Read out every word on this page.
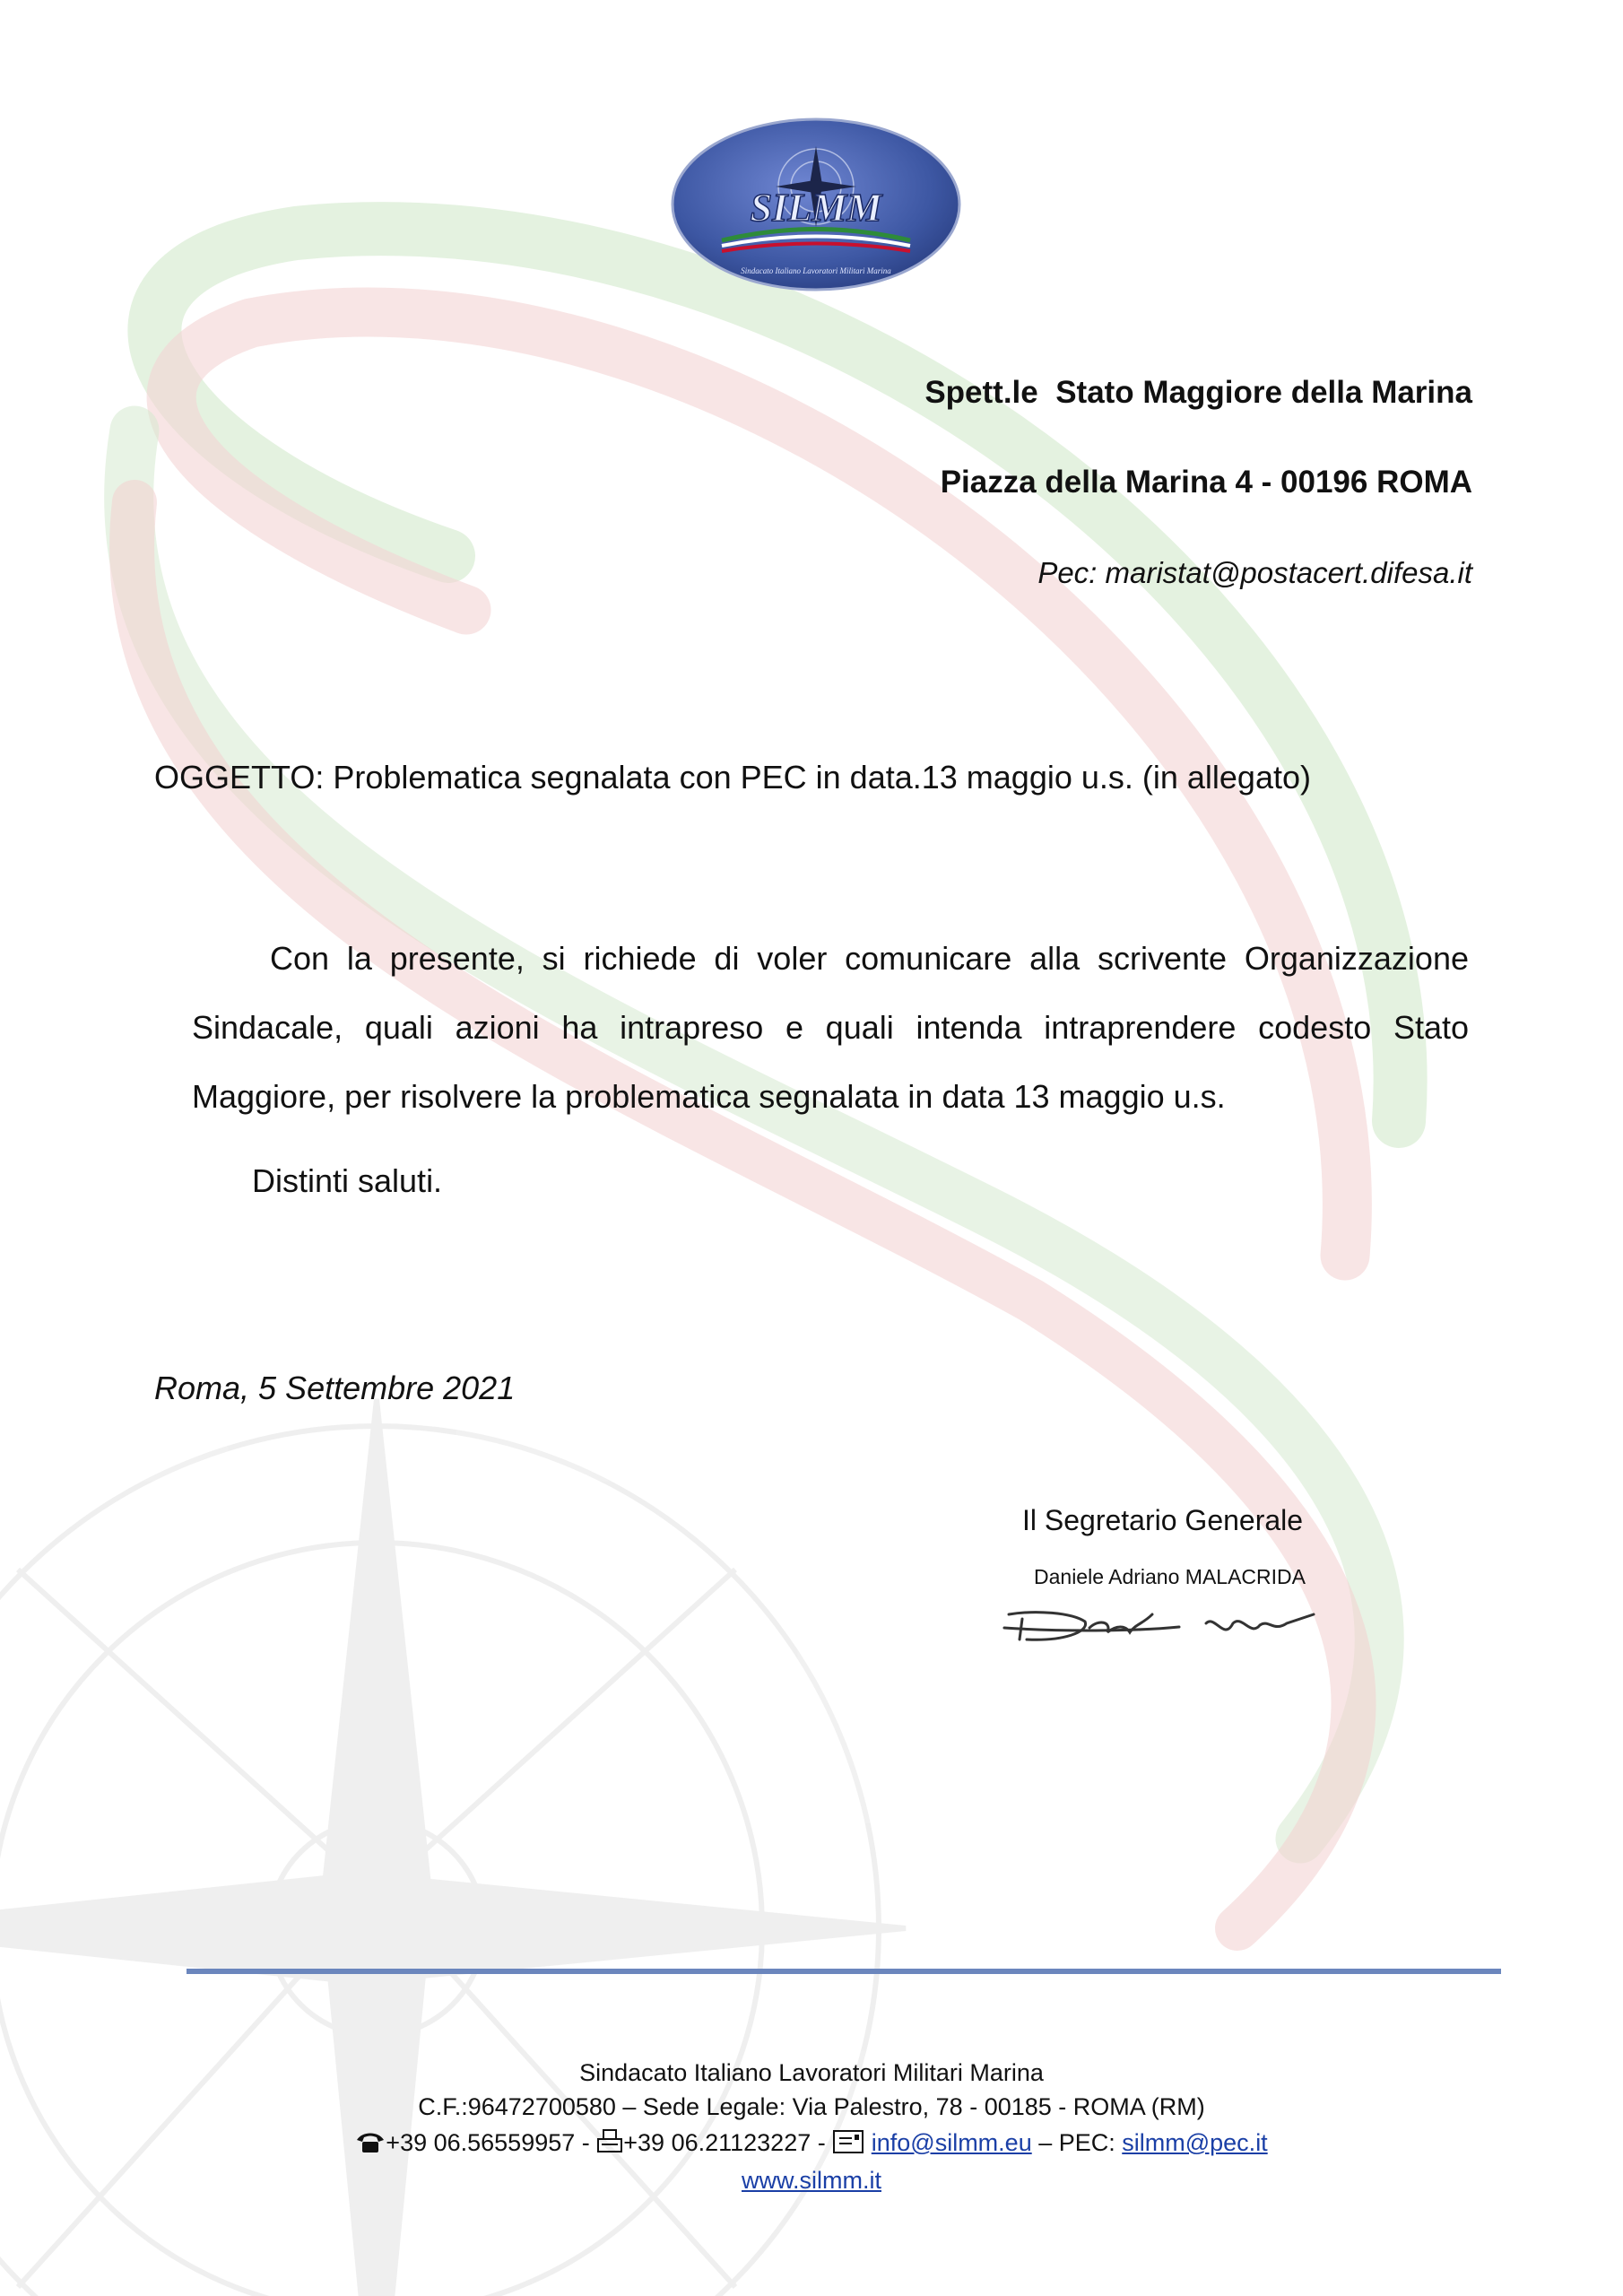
SILMM
Sindacato Italiano Lavoratori Militari Marina
Spett.le  Stato Maggiore della Marina
Piazza della Marina 4 - 00196 ROMA
Pec: maristat@postacert.difesa.it
OGGETTO: Problematica segnalata con PEC in data.13 maggio u.s. (in allegato)

Con la presente, si richiede di voler comunicare alla scrivente Organizzazione Sindacale, quali azioni ha intrapreso e quali intenda intraprendere codesto Stato Maggiore, per risolvere la problematica segnalata in data 13 maggio u.s.

Distinti saluti.
Roma, 5 Settembre 2021
Il Segretario Generale
Daniele Adriano MALACRIDA
Sindacato Italiano Lavoratori Militari Marina
C.F.:96472700580 – Sede Legale: Via Palestro, 78 - 00185 - ROMA (RM)
+39 06.56559957 - +39 06.21123227 -  info@silmm.eu – PEC: silmm@pec.it
www.silmm.it
